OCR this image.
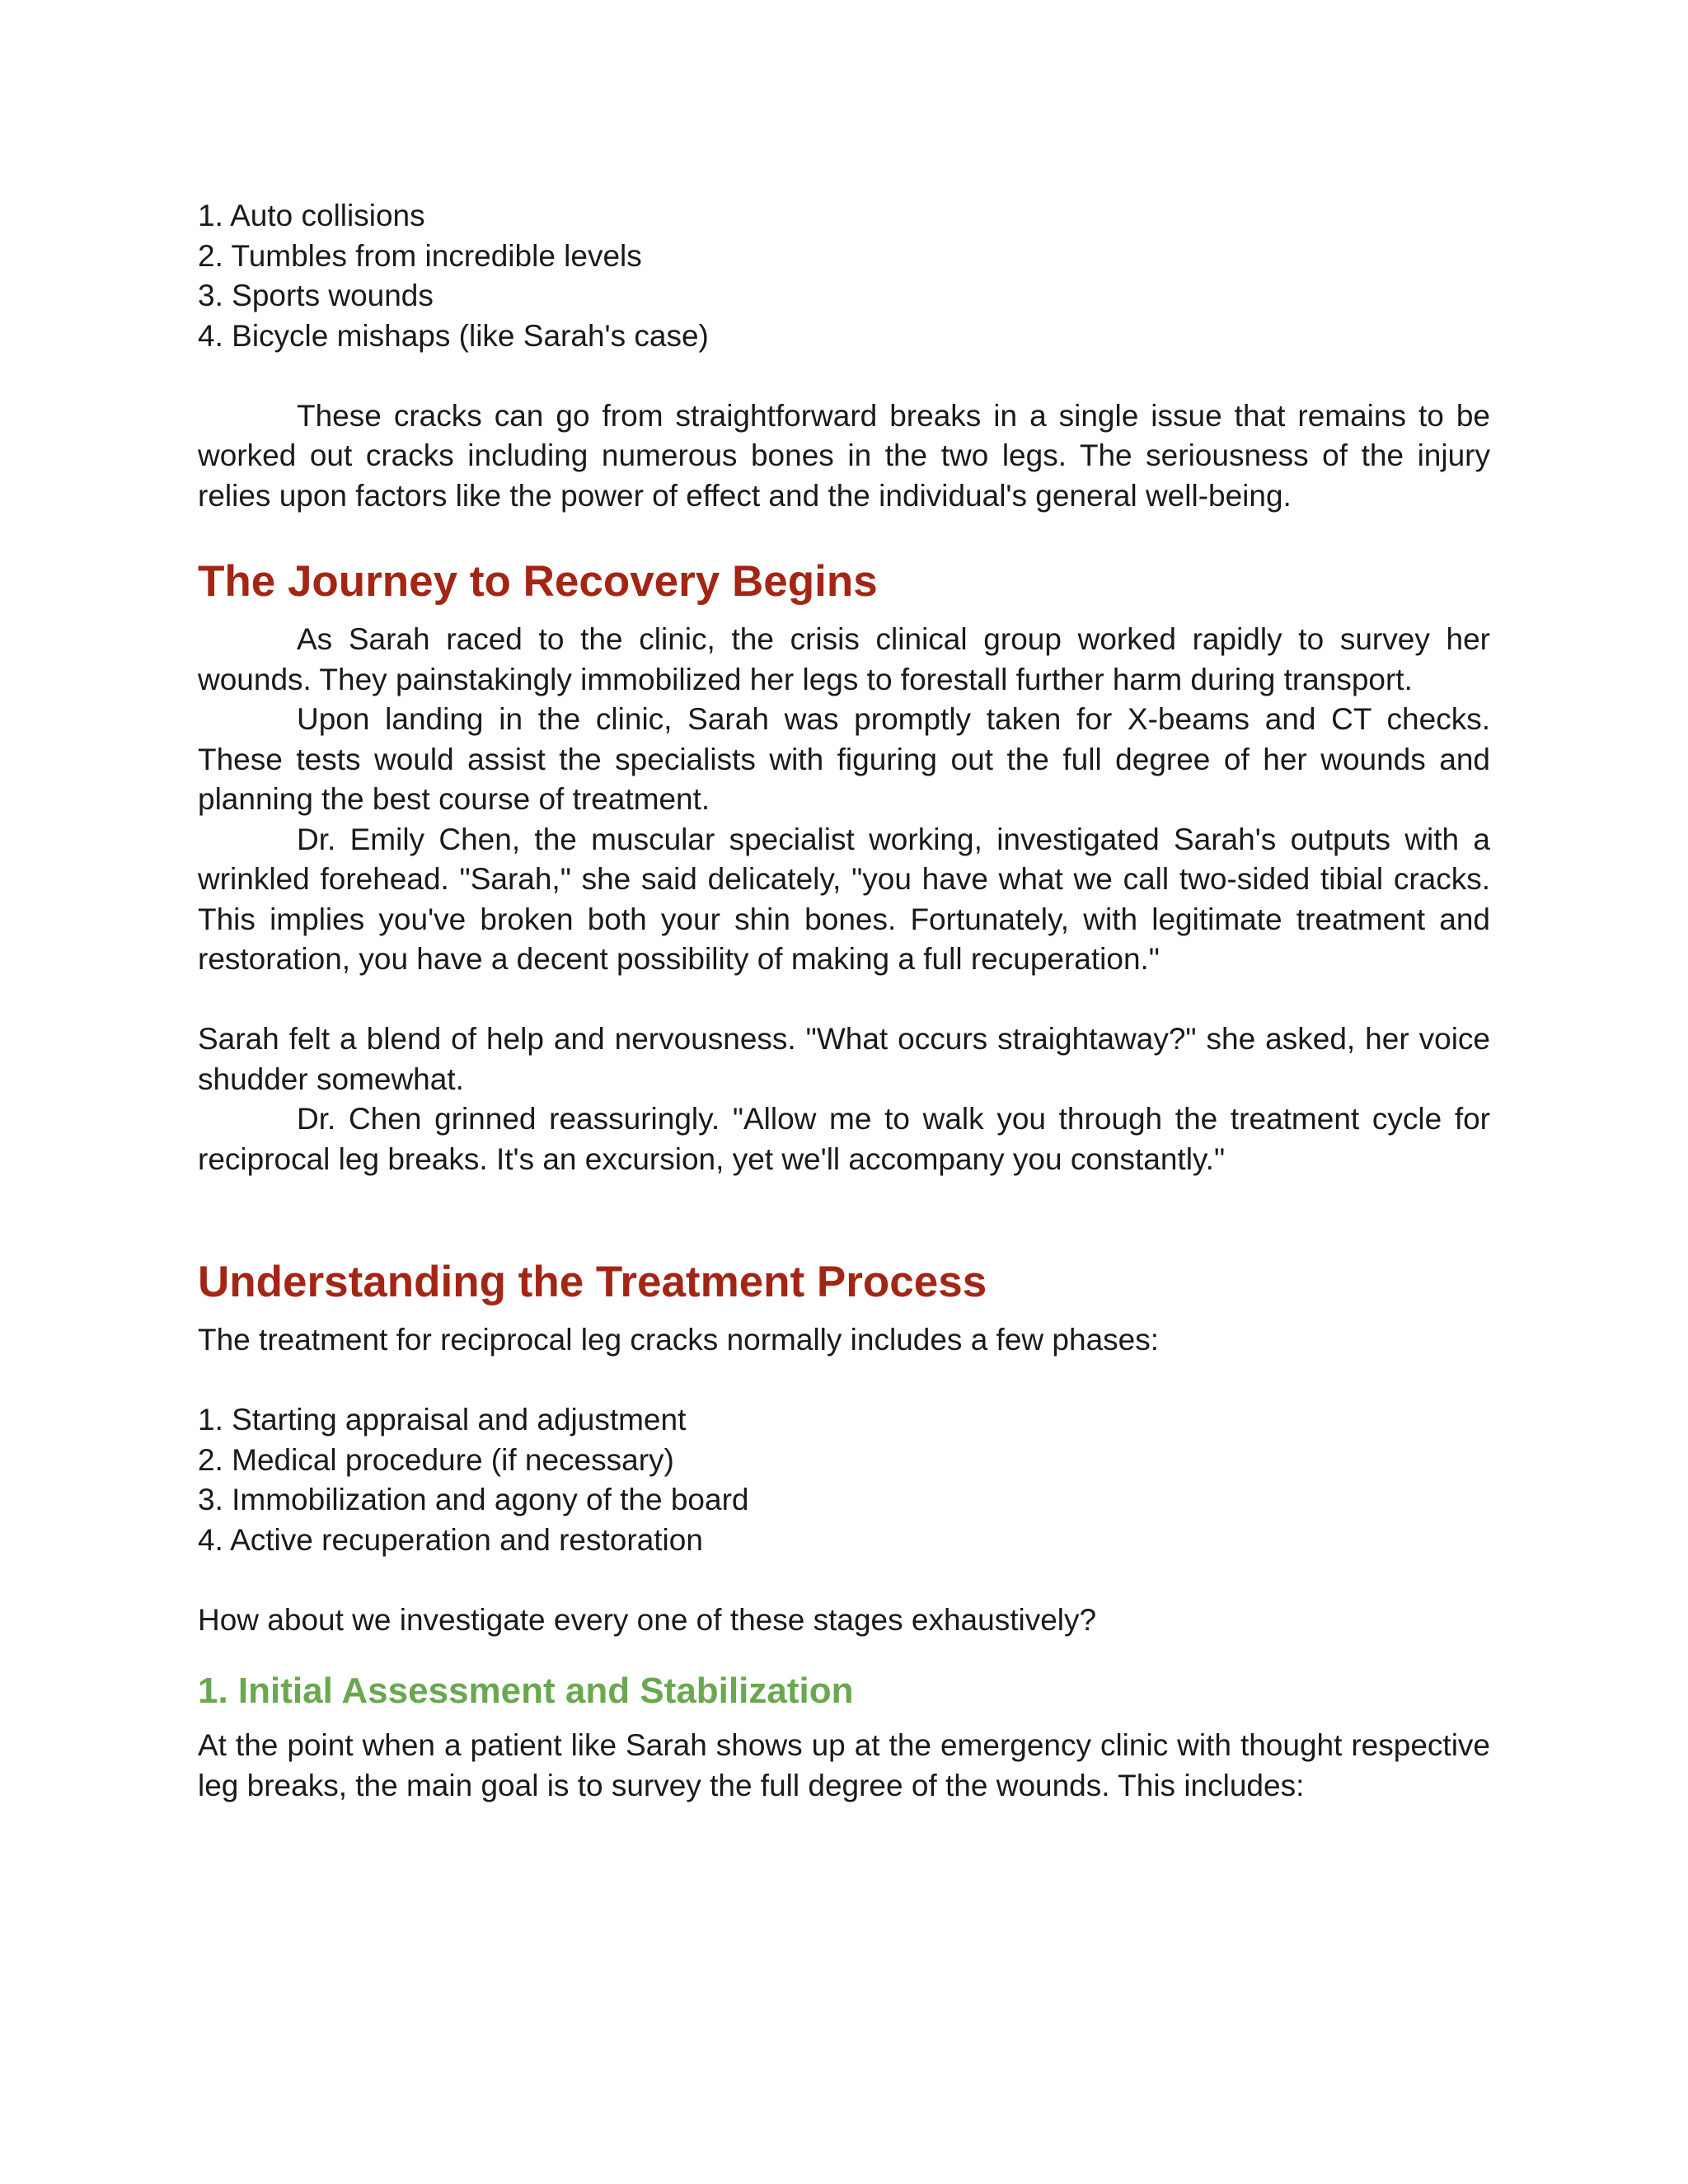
1. Auto collisions
2. Tumbles from incredible levels
3. Sports wounds
4. Bicycle mishaps (like Sarah's case)

These cracks can go from straightforward breaks in a single issue that remains to be worked out cracks including numerous bones in the two legs. The seriousness of the injury relies upon factors like the power of effect and the individual's general well-being.

The Journey to Recovery Begins

As Sarah raced to the clinic, the crisis clinical group worked rapidly to survey her wounds. They painstakingly immobilized her legs to forestall further harm during transport.

Upon landing in the clinic, Sarah was promptly taken for X-beams and CT checks. These tests would assist the specialists with figuring out the full degree of her wounds and planning the best course of treatment.

Dr. Emily Chen, the muscular specialist working, investigated Sarah's outputs with a wrinkled forehead. "Sarah," she said delicately, "you have what we call two-sided tibial cracks. This implies you've broken both your shin bones. Fortunately, with legitimate treatment and restoration, you have a decent possibility of making a full recuperation."

Sarah felt a blend of help and nervousness. "What occurs straightaway?" she asked, her voice shudder somewhat.

Dr. Chen grinned reassuringly. "Allow me to walk you through the treatment cycle for reciprocal leg breaks. It's an excursion, yet we'll accompany you constantly."

Understanding the Treatment Process

The treatment for reciprocal leg cracks normally includes a few phases:

1. Starting appraisal and adjustment
2. Medical procedure (if necessary)
3. Immobilization and agony of the board
4. Active recuperation and restoration

How about we investigate every one of these stages exhaustively?

1. Initial Assessment and Stabilization

At the point when a patient like Sarah shows up at the emergency clinic with thought respective leg breaks, the main goal is to survey the full degree of the wounds. This includes:
